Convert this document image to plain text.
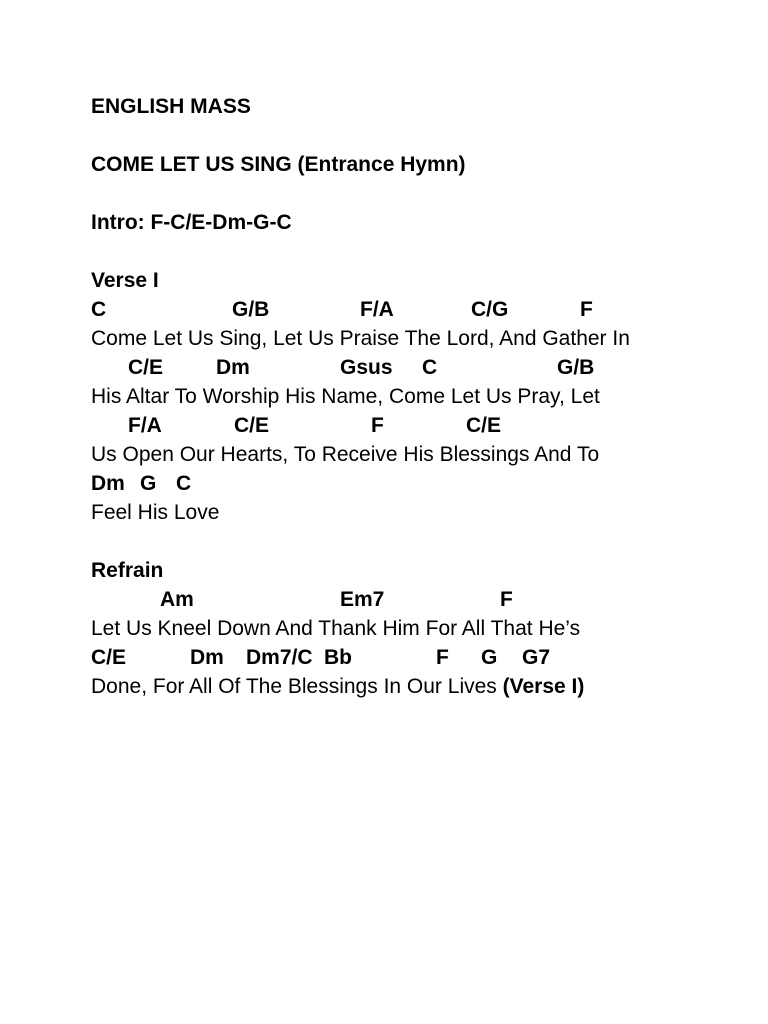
ENGLISH MASS
COME LET US SING (Entrance Hymn)
Intro: F-C/E-Dm-G-C
Verse I
C	G/B	F/A	C/G	F
Come Let Us Sing, Let Us Praise The Lord, And Gather In
C/E	Dm	Gsus C	G/B
His Altar To Worship His Name, Come Let Us Pray, Let
F/A	C/E	F	C/E
Us Open Our Hearts, To Receive His Blessings And To
Dm G C
Feel His Love
Refrain
Am	Em7	F
Let Us Kneel Down And Thank Him For All That He’s
C/E	Dm Dm7/C Bb	F G G7
Done, For All Of The Blessings In Our Lives (Verse I)
